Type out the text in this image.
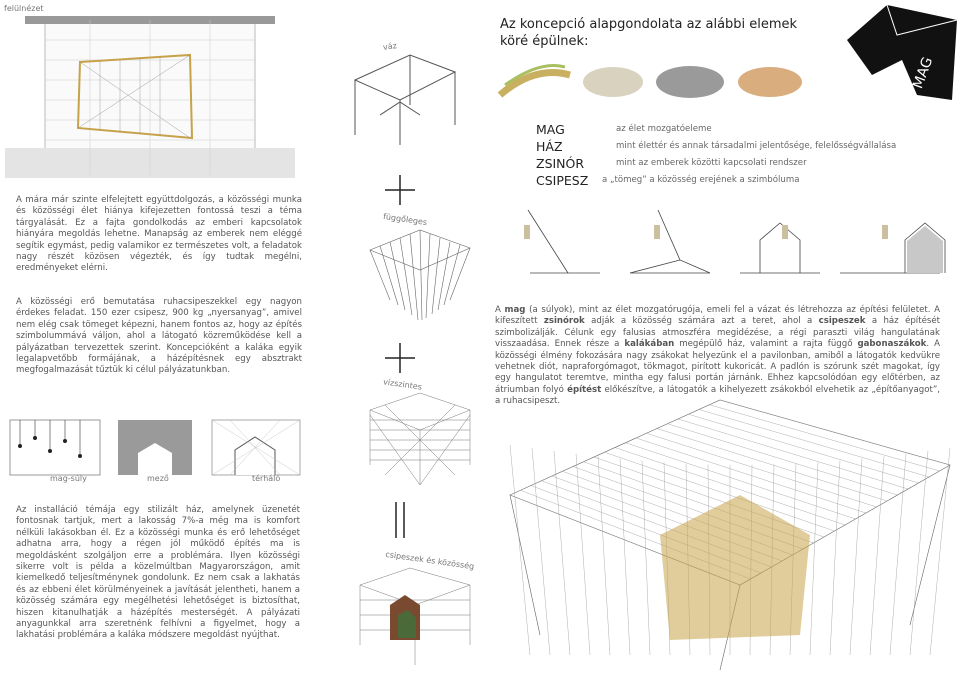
felülnézet
A mára már szinte elfelejtett együttdolgozás, a közösségi munka és közösségi élet hiánya kifejezetten fontossá teszi a téma tárgyalását. Ez a fajta gondolkodás az emberi kapcsolatok hiányára megoldás lehetne. Manapság az emberek nem eléggé segítik egymást, pedig valamikor ez természetes volt, a feladatok nagy részét közösen végezték, és így tudtak megélni, eredményeket elérni.
A közösségi erő bemutatása ruhacsipeszekkel egy nagyon érdekes feladat. 150 ezer csipesz, 900 kg „nyersanyag”, amivel nem elég csak tömeget képezni, hanem fontos az, hogy az építés szimbolummává váljon, ahol a látogató közreműködése kell a pályázatban tervezettek szerint. Koncepcióként a kaláka egyik legalapvetőbb formájának, a házépítésnek egy absztrakt megfogalmazását tűztük ki célul pályázatunkban.
mag-súly	mező	térháló
Az installáció témája egy stilizált ház, amelynek üzenetét fontosnak tartjuk, mert a lakosság 7%-a még ma is komfort nélküli lakásokban él. Ez a közösségi munka és erő lehetőséget adhatna arra, hogy a régen jól működő építés ma is megoldásként szolgáljon erre a problémára. Ilyen közösségi sikerre volt is példa a közelmúltban Magyarországon, amit kiemelkedő teljesítménynek gondolunk. Ez nem csak a lakhatás és az ebbeni élet körülményeinek a javítását jelentheti, hanem a közösség számára egy megélhetési lehetőséget is biztosíthat, hiszen kitanulhatják a házépítés mesterségét. A pályázati anyagunkkal arra szeretnénk felhívni a figyelmet, hogy a lakhatási problémára a kaláka módszere megoldást nyújthat.
váz
függőleges
vízszintes
csipeszek és közösség
Az koncepció alapgondolata az alábbi elemek köré épülnek:
MAG
MAG
HÁZ
ZSINÓR
CSIPESZ
az élet mozgatóeleme
mint élettér és annak társadalmi jelentősége, felelősségvállalása
mint az emberek közötti kapcsolati rendszer
a „tömeg” a közösség erejének a szimbóluma
A mag (a súlyok), mint az élet mozgatórugója, emeli fel a vázat és létrehozza az építési felületet. A kifeszített zsinórok adják a közösség számára azt a teret, ahol a csipeszek a ház építését szimbolizálják. Célunk egy falusias atmoszféra megidézése, a régi paraszti világ hangulatának visszaadása. Ennek része a kalákában megépülő ház, valamint a rajta függő gabonaszákok. A közösségi élmény fokozására nagy zsákokat helyezünk el a pavilonban, amiből a látogatók kedvükre vehetnek diót, napraforgómagot, tökmagot, pirított kukoricát. A padlón is szórunk szét magokat, így egy hangulatot teremtve, mintha egy falusi portán járnánk. Ehhez kapcsolódóan egy előtérben, az átriumban folyó építést előkészítve, a látogatók a kihelyezett zsákokból elvehetik az „építőanyagot”, a ruhacsipeszt.
